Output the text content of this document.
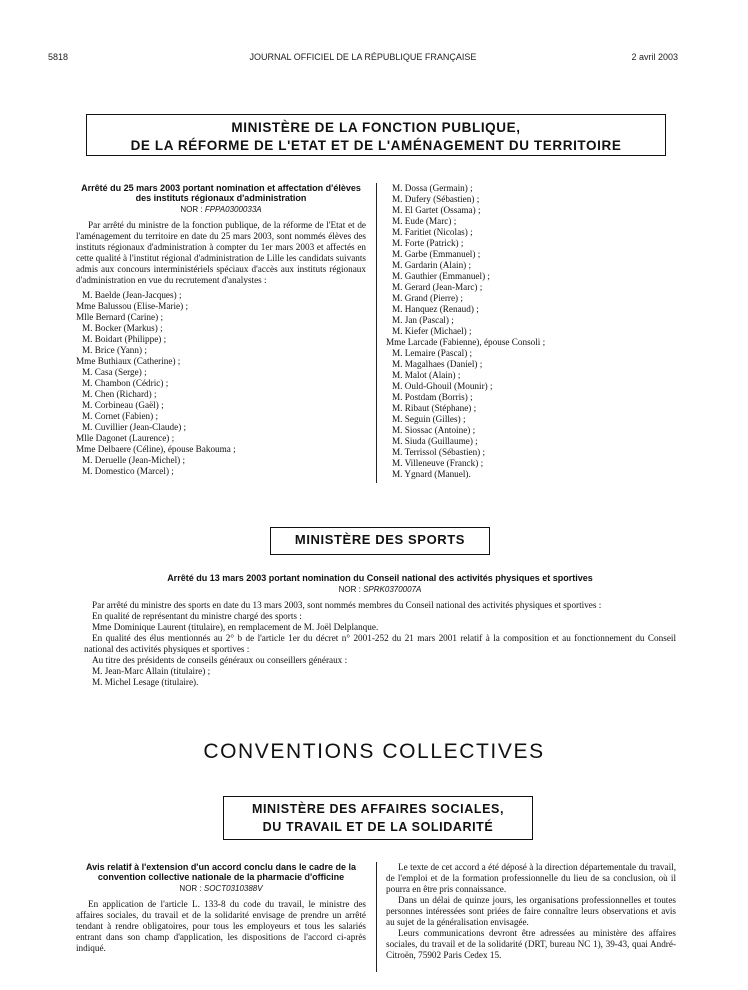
5818	JOURNAL OFFICIEL DE LA RÉPUBLIQUE FRANÇAISE	2 avril 2003
MINISTÈRE DE LA FONCTION PUBLIQUE,
DE LA RÉFORME DE L'ETAT ET DE L'AMÉNAGEMENT DU TERRITOIRE
Arrêté du 25 mars 2003 portant nomination et affectation d'élèves des instituts régionaux d'administration
NOR : FPPA0300033A

Par arrêté du ministre de la fonction publique, de la réforme de l'Etat et de l'aménagement du territoire en date du 25 mars 2003, sont nommés élèves des instituts régionaux d'administration à compter du 1er mars 2003 et affectés en cette qualité à l'institut régional d'administration de Lille les candidats suivants admis aux concours interministériels spéciaux d'accès aux instituts régionaux d'administration en vue du recrutement d'analystes :

M. Baelde (Jean-Jacques) ;
Mme Balussou (Elise-Marie) ;
Mlle Bernard (Carine) ;
M. Bocker (Markus) ;
M. Boidart (Philippe) ;
M. Brice (Yann) ;
Mme Buthiaux (Catherine) ;
M. Casa (Serge) ;
M. Chambon (Cédric) ;
M. Chen (Richard) ;
M. Corbineau (Gaël) ;
M. Cornet (Fabien) ;
M. Cuvillier (Jean-Claude) ;
Mlle Dagonet (Laurence) ;
Mme Delbaere (Céline), épouse Bakouma ;
M. Deruelle (Jean-Michel) ;
M. Domestico (Marcel) ;
M. Dossa (Germain) ;
M. Dufery (Sébastien) ;
M. El Gartet (Ossama) ;
M. Eude (Marc) ;
M. Faritiet (Nicolas) ;
M. Forte (Patrick) ;
M. Garbe (Emmanuel) ;
M. Gardarin (Alain) ;
M. Gauthier (Emmanuel) ;
M. Gerard (Jean-Marc) ;
M. Grand (Pierre) ;
M. Hanquez (Renaud) ;
M. Jan (Pascal) ;
M. Kiefer (Michael) ;
Mme Larcade (Fabienne), épouse Consoli ;
M. Lemaire (Pascal) ;
M. Magalhaes (Daniel) ;
M. Malot (Alain) ;
M. Ould-Ghouil (Mounir) ;
M. Postdam (Borris) ;
M. Ribaut (Stéphane) ;
M. Seguin (Gilles) ;
M. Siossac (Antoine) ;
M. Siuda (Guillaume) ;
M. Terrissol (Sébastien) ;
M. Villeneuve (Franck) ;
M. Ygnard (Manuel).
MINISTÈRE DES SPORTS
Arrêté du 13 mars 2003 portant nomination du Conseil national des activités physiques et sportives
NOR : SPRK0370007A

Par arrêté du ministre des sports en date du 13 mars 2003, sont nommés membres du Conseil national des activités physiques et sportives :

En qualité de représentant du ministre chargé des sports :
Mme Dominique Laurent (titulaire), en remplacement de M. Joël Delplanque.

En qualité des élus mentionnés au 2° b de l'article 1er du décret n° 2001-252 du 21 mars 2001 relatif à la composition et au fonctionnement du Conseil national des activités physiques et sportives :

Au titre des présidents de conseils généraux ou conseillers généraux :
M. Jean-Marc Allain (titulaire) ;
M. Michel Lesage (titulaire).
CONVENTIONS COLLECTIVES
MINISTÈRE DES AFFAIRES SOCIALES,
DU TRAVAIL ET DE LA SOLIDARITÉ
Avis relatif à l'extension d'un accord conclu dans le cadre de la convention collective nationale de la pharmacie d'officine
NOR : SOCT0310388V

En application de l'article L. 133-8 du code du travail, le ministre des affaires sociales, du travail et de la solidarité envisage de prendre un arrêté tendant à rendre obligatoires, pour tous les employeurs et tous les salariés entrant dans son champ d'application, les dispositions de l'accord ci-après indiqué.

Le texte de cet accord a été déposé à la direction départementale du travail, de l'emploi et de la formation professionnelle du lieu de sa conclusion, où il pourra en être pris connaissance.

Dans un délai de quinze jours, les organisations professionnelles et toutes personnes intéressées sont priées de faire connaître leurs observations et avis au sujet de la généralisation envisagée.

Leurs communications devront être adressées au ministère des affaires sociales, du travail et de la solidarité (DRT, bureau NC 1), 39-43, quai André-Citroën, 75902 Paris Cedex 15.
